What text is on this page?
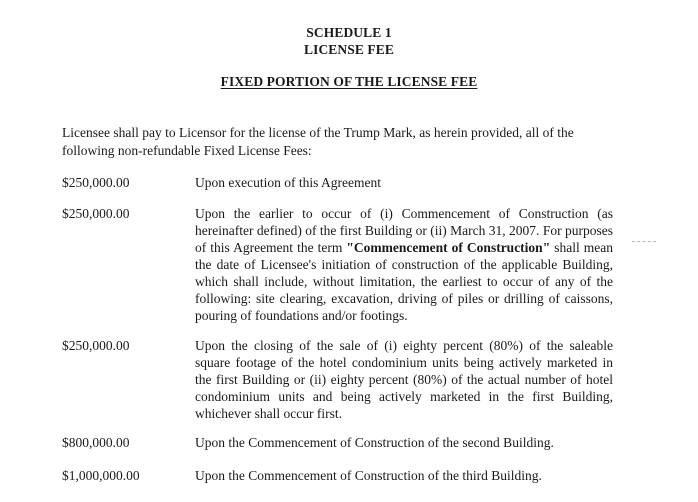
SCHEDULE 1
LICENSE FEE
FIXED PORTION OF THE LICENSE FEE
Licensee shall pay to Licensor for the license of the Trump Mark, as herein provided, all of the following non-refundable Fixed License Fees:
$250,000.00	Upon execution of this Agreement
$250,000.00	Upon the earlier to occur of (i) Commencement of Construction (as hereinafter defined) of the first Building or (ii) March 31, 2007. For purposes of this Agreement the term "Commencement of Construction" shall mean the date of Licensee's initiation of construction of the applicable Building, which shall include, without limitation, the earliest to occur of any of the following: site clearing, excavation, driving of piles or drilling of caissons, pouring of foundations and/or footings.
$250,000.00	Upon the closing of the sale of (i) eighty percent (80%) of the saleable square footage of the hotel condominium units being actively marketed in the first Building or (ii) eighty percent (80%) of the actual number of hotel condominium units and being actively marketed in the first Building, whichever shall occur first.
$800,000.00	Upon the Commencement of Construction of the second Building.
$1,000,000.00	Upon the Commencement of Construction of the third Building.
